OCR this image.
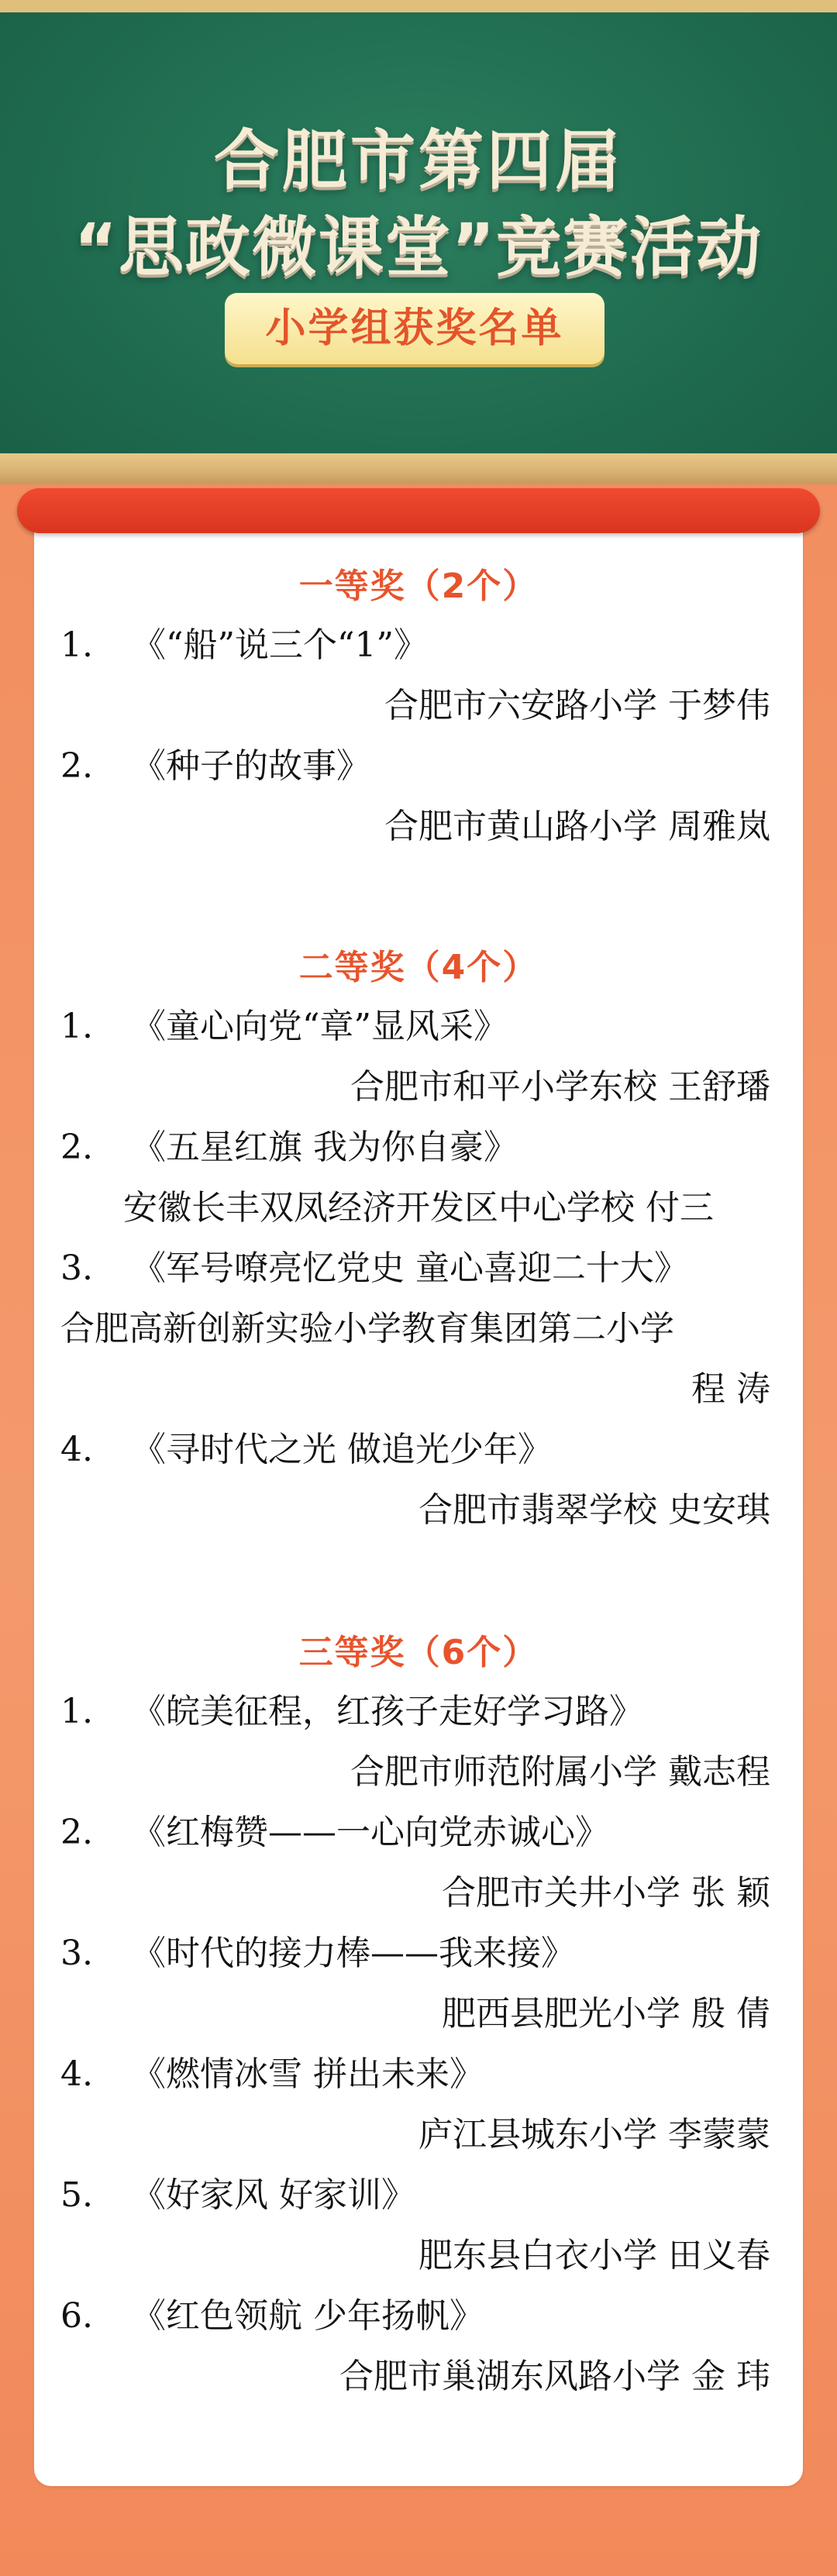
合肥市第四届
“思政微课堂”竞赛活动
小学组获奖名单
一等奖（2个）
1. 《“船”说三个“1”》
合肥市六安路小学 于梦伟
2. 《种子的故事》
合肥市黄山路小学 周雅岚
二等奖（4个）
1. 《童心向党“章”显风采》
合肥市和平小学东校 王舒璠
2. 《五星红旗 我为你自豪》
安徽长丰双凤经济开发区中心学校 付三
3. 《军号嘹亮忆党史 童心喜迎二十大》
合肥高新创新实验小学教育集团第二小学
程 涛
4. 《寻时代之光 做追光少年》
合肥市翡翠学校 史安琪
三等奖（6个）
1. 《皖美征程，红孩子走好学习路》
合肥市师范附属小学 戴志程
2. 《红梅赞——一心向党赤诚心》
合肥市关井小学 张 颖
3. 《时代的接力棒——我来接》
肥西县肥光小学 殷 倩
4. 《燃情冰雪 拼出未来》
庐江县城东小学 李蒙蒙
5. 《好家风 好家训》
肥东县白衣小学 田义春
6. 《红色领航 少年扬帆》
合肥市巢湖东风路小学 金 玮
